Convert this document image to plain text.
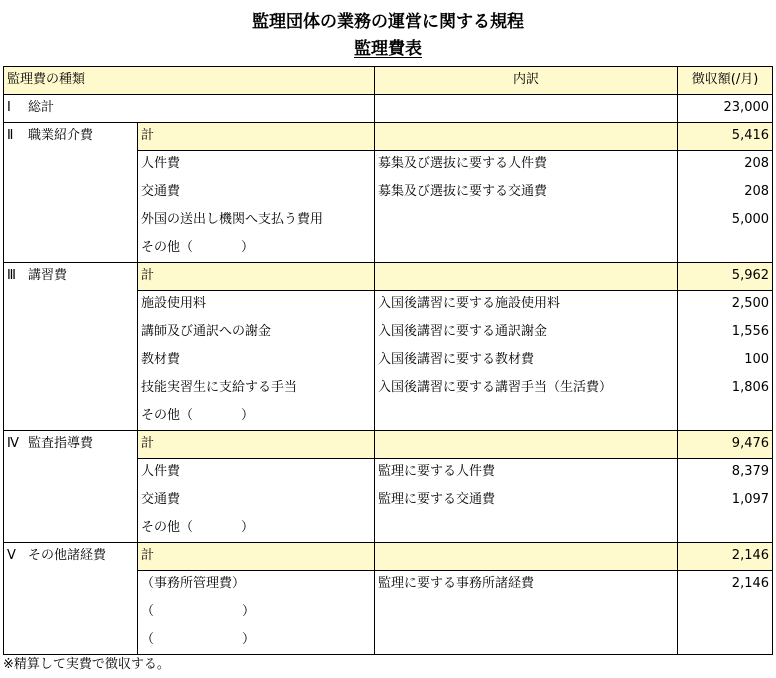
監理団体の業務の運営に関する規程
監理費表
監理費の種類		内訳	徴収額(/月)
Ⅰ 総計			23,000
Ⅱ 職業紹介費	計		5,416
	人件費	募集及び選抜に要する人件費	208
	交通費	募集及び選抜に要する交通費	208
	外国の送出し機関へ支払う費用		5,000
	その他（ ）		
Ⅲ 講習費	計		5,962
	施設使用料	入国後講習に要する施設使用料	2,500
	講師及び通訳への謝金	入国後講習に要する通訳謝金	1,556
	教材費	入国後講習に要する教材費	100
	技能実習生に支給する手当	入国後講習に要する講習手当（生活費）	1,806
	その他（ ）		
Ⅳ 監査指導費	計		9,476
	人件費	監理に要する人件費	8,379
	交通費	監理に要する交通費	1,097
	その他（ ）		
Ⅴ その他諸経費	計		2,146
	（事務所管理費）	監理に要する事務所諸経費	2,146
	（ ）		
	（ ）		
※精算して実費で徴収する。
